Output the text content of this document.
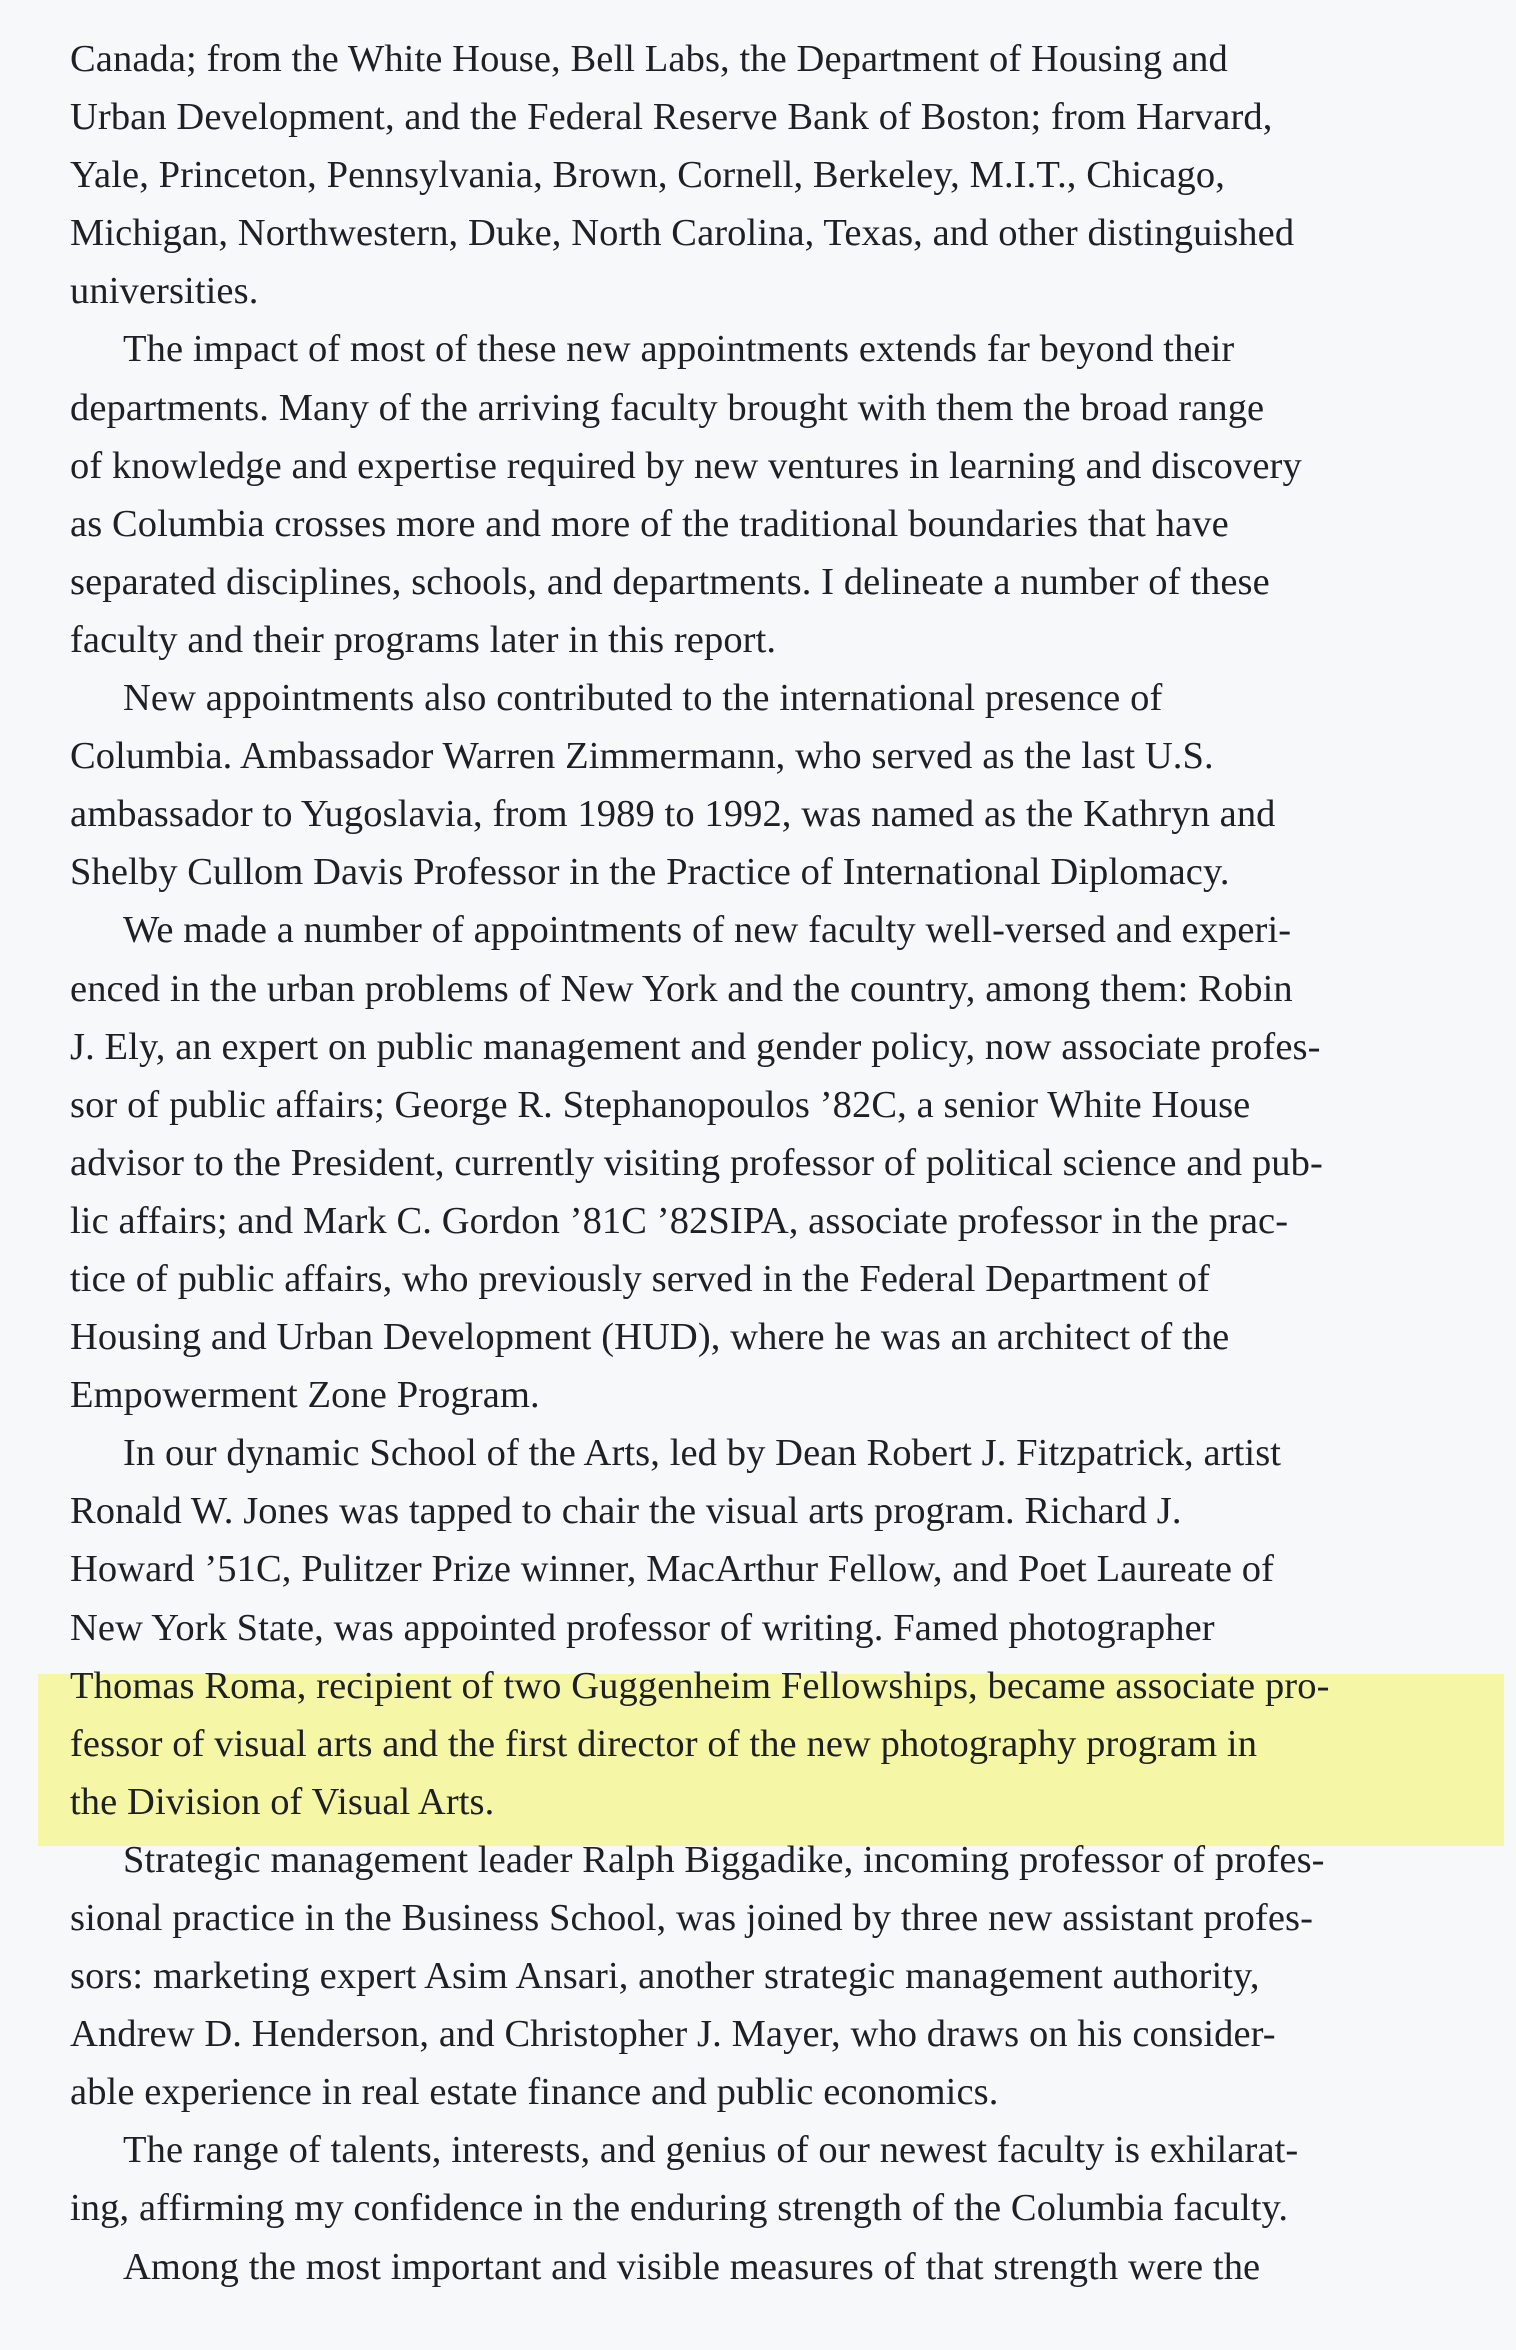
Canada; from the White House, Bell Labs, the Department of Housing and
Urban Development, and the Federal Reserve Bank of Boston; from Harvard,
Yale, Princeton, Pennsylvania, Brown, Cornell, Berkeley, M.I.T., Chicago,
Michigan, Northwestern, Duke, North Carolina, Texas, and other distinguished
universities.
The impact of most of these new appointments extends far beyond their
departments. Many of the arriving faculty brought with them the broad range
of knowledge and expertise required by new ventures in learning and discovery
as Columbia crosses more and more of the traditional boundaries that have
separated disciplines, schools, and departments. I delineate a number of these
faculty and their programs later in this report.
New appointments also contributed to the international presence of
Columbia. Ambassador Warren Zimmermann, who served as the last U.S.
ambassador to Yugoslavia, from 1989 to 1992, was named as the Kathryn and
Shelby Cullom Davis Professor in the Practice of International Diplomacy.
We made a number of appointments of new faculty well-versed and experi-
enced in the urban problems of New York and the country, among them: Robin
J. Ely, an expert on public management and gender policy, now associate profes-
sor of public affairs; George R. Stephanopoulos ’82C, a senior White House
advisor to the President, currently visiting professor of political science and pub-
lic affairs; and Mark C. Gordon ’81C ’82SIPA, associate professor in the prac-
tice of public affairs, who previously served in the Federal Department of
Housing and Urban Development (HUD), where he was an architect of the
Empowerment Zone Program.
In our dynamic School of the Arts, led by Dean Robert J. Fitzpatrick, artist
Ronald W. Jones was tapped to chair the visual arts program. Richard J.
Howard ’51C, Pulitzer Prize winner, MacArthur Fellow, and Poet Laureate of
New York State, was appointed professor of writing. Famed photographer
Thomas Roma, recipient of two Guggenheim Fellowships, became associate pro-
fessor of visual arts and the first director of the new photography program in
the Division of Visual Arts.
Strategic management leader Ralph Biggadike, incoming professor of profes-
sional practice in the Business School, was joined by three new assistant profes-
sors: marketing expert Asim Ansari, another strategic management authority,
Andrew D. Henderson, and Christopher J. Mayer, who draws on his consider-
able experience in real estate finance and public economics.
The range of talents, interests, and genius of our newest faculty is exhilarat-
ing, affirming my confidence in the enduring strength of the Columbia faculty.
Among the most important and visible measures of that strength were the
